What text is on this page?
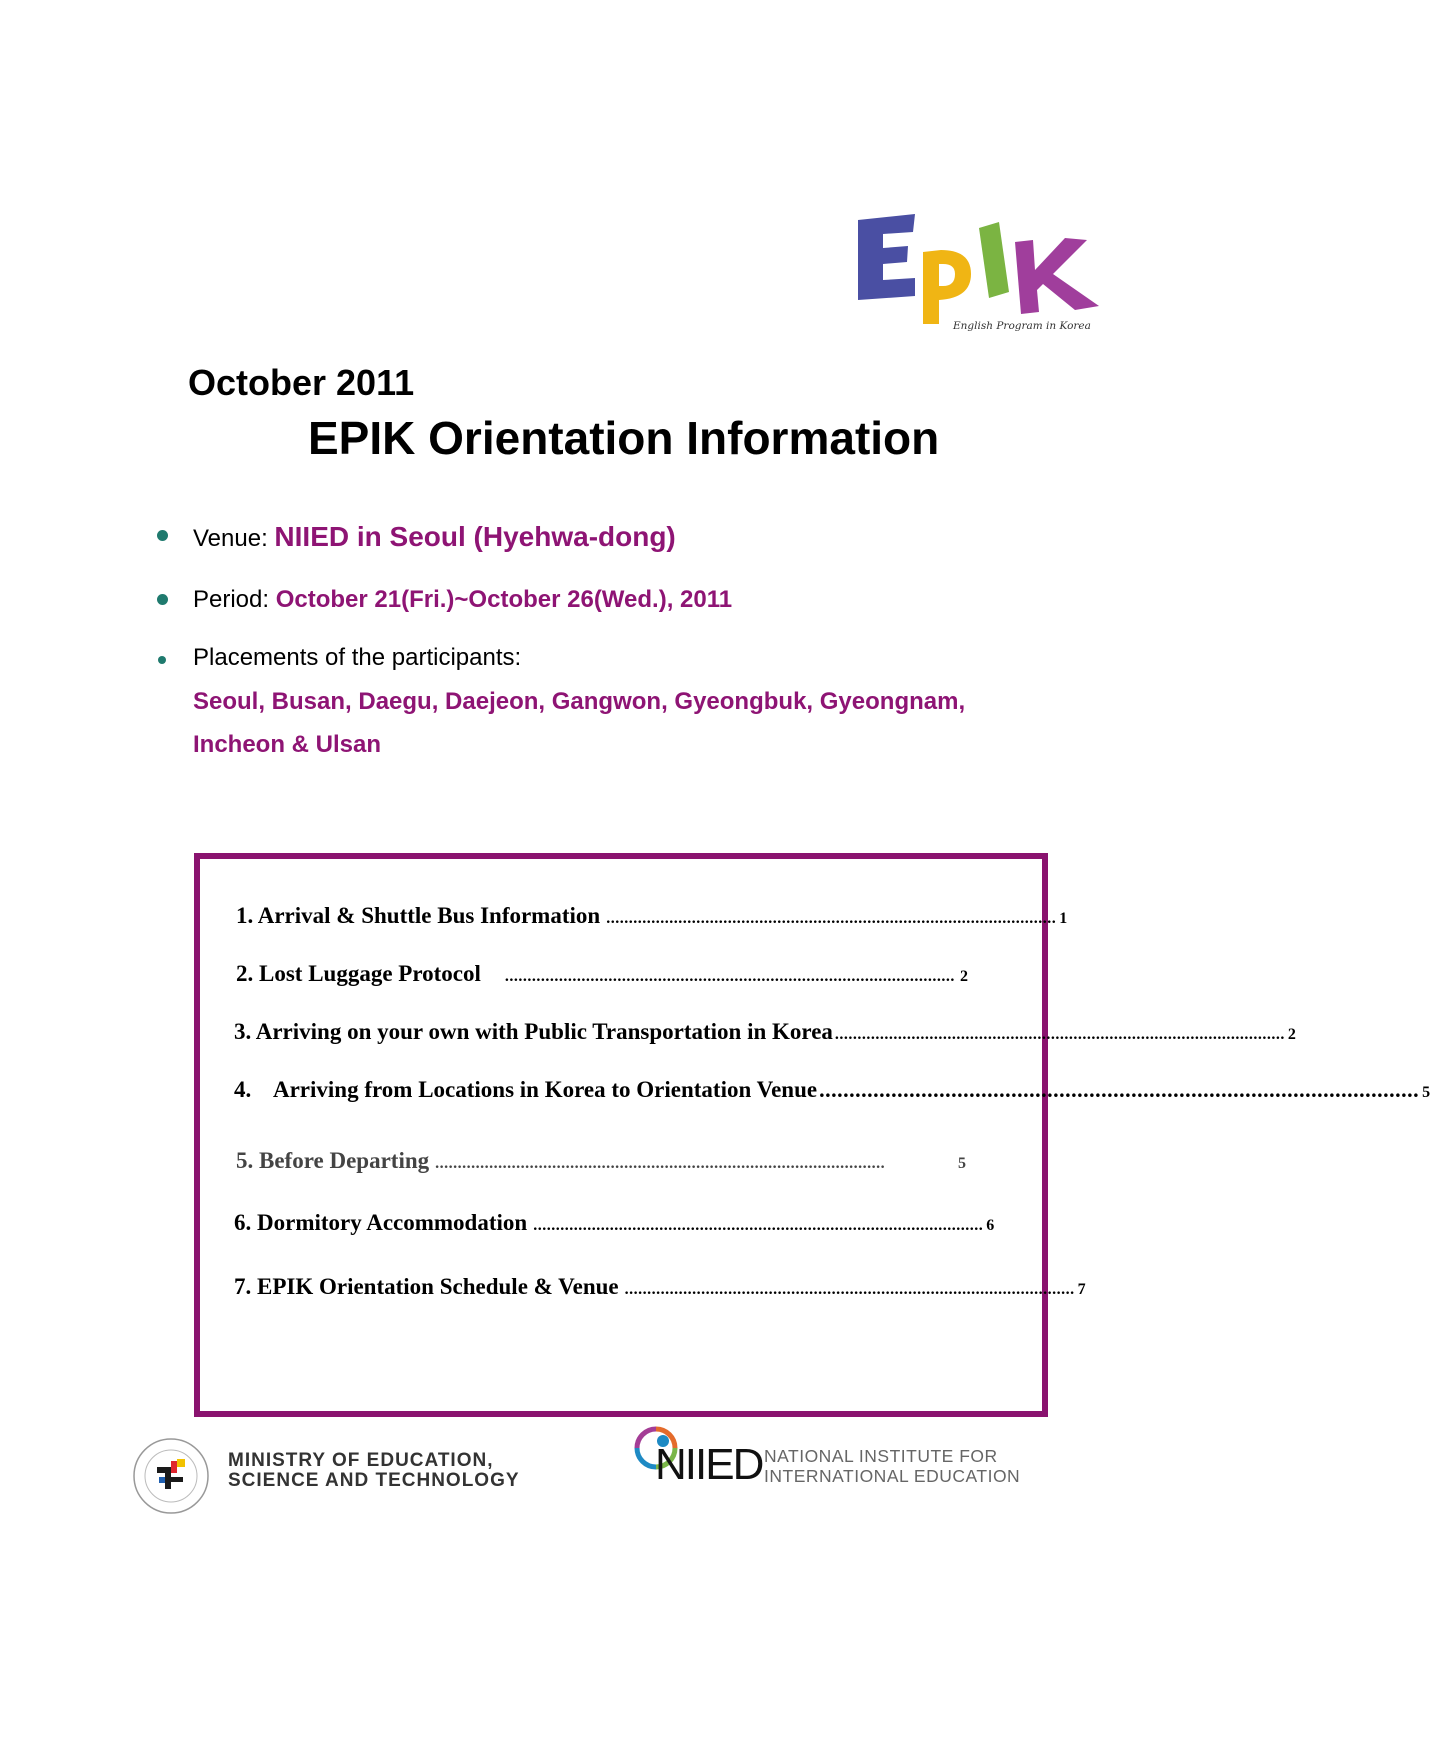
English Program in Korea
October 2011
EPIK Orientation Information
Venue: NIIED in Seoul (Hyehwa-dong)
Period: October 21(Fri.)~October 26(Wed.), 2011
Placements of the participants:
Seoul, Busan, Daegu, Daejeon, Gangwon, Gyeongbuk, Gyeongnam,
Incheon & Ulsan
1. Arrival & Shuttle Bus Information .................................................................................................... 1
2. Lost Luggage Protocol .................................................................................................... 2
3. Arriving on your own with Public Transportation in Korea .................................................................................................... 2
4.    Arriving from Locations in Korea to Orientation Venue .................................................................................................... 5
5. Before Departing ....................................................................................................	5
6. Dormitory Accommodation .................................................................................................... 6
7. EPIK Orientation Schedule & Venue .................................................................................................... 7
MINISTRY OF EDUCATION,
SCIENCE AND TECHNOLOGY	NIIED NATIONAL INSTITUTE FOR
INTERNATIONAL EDUCATION
